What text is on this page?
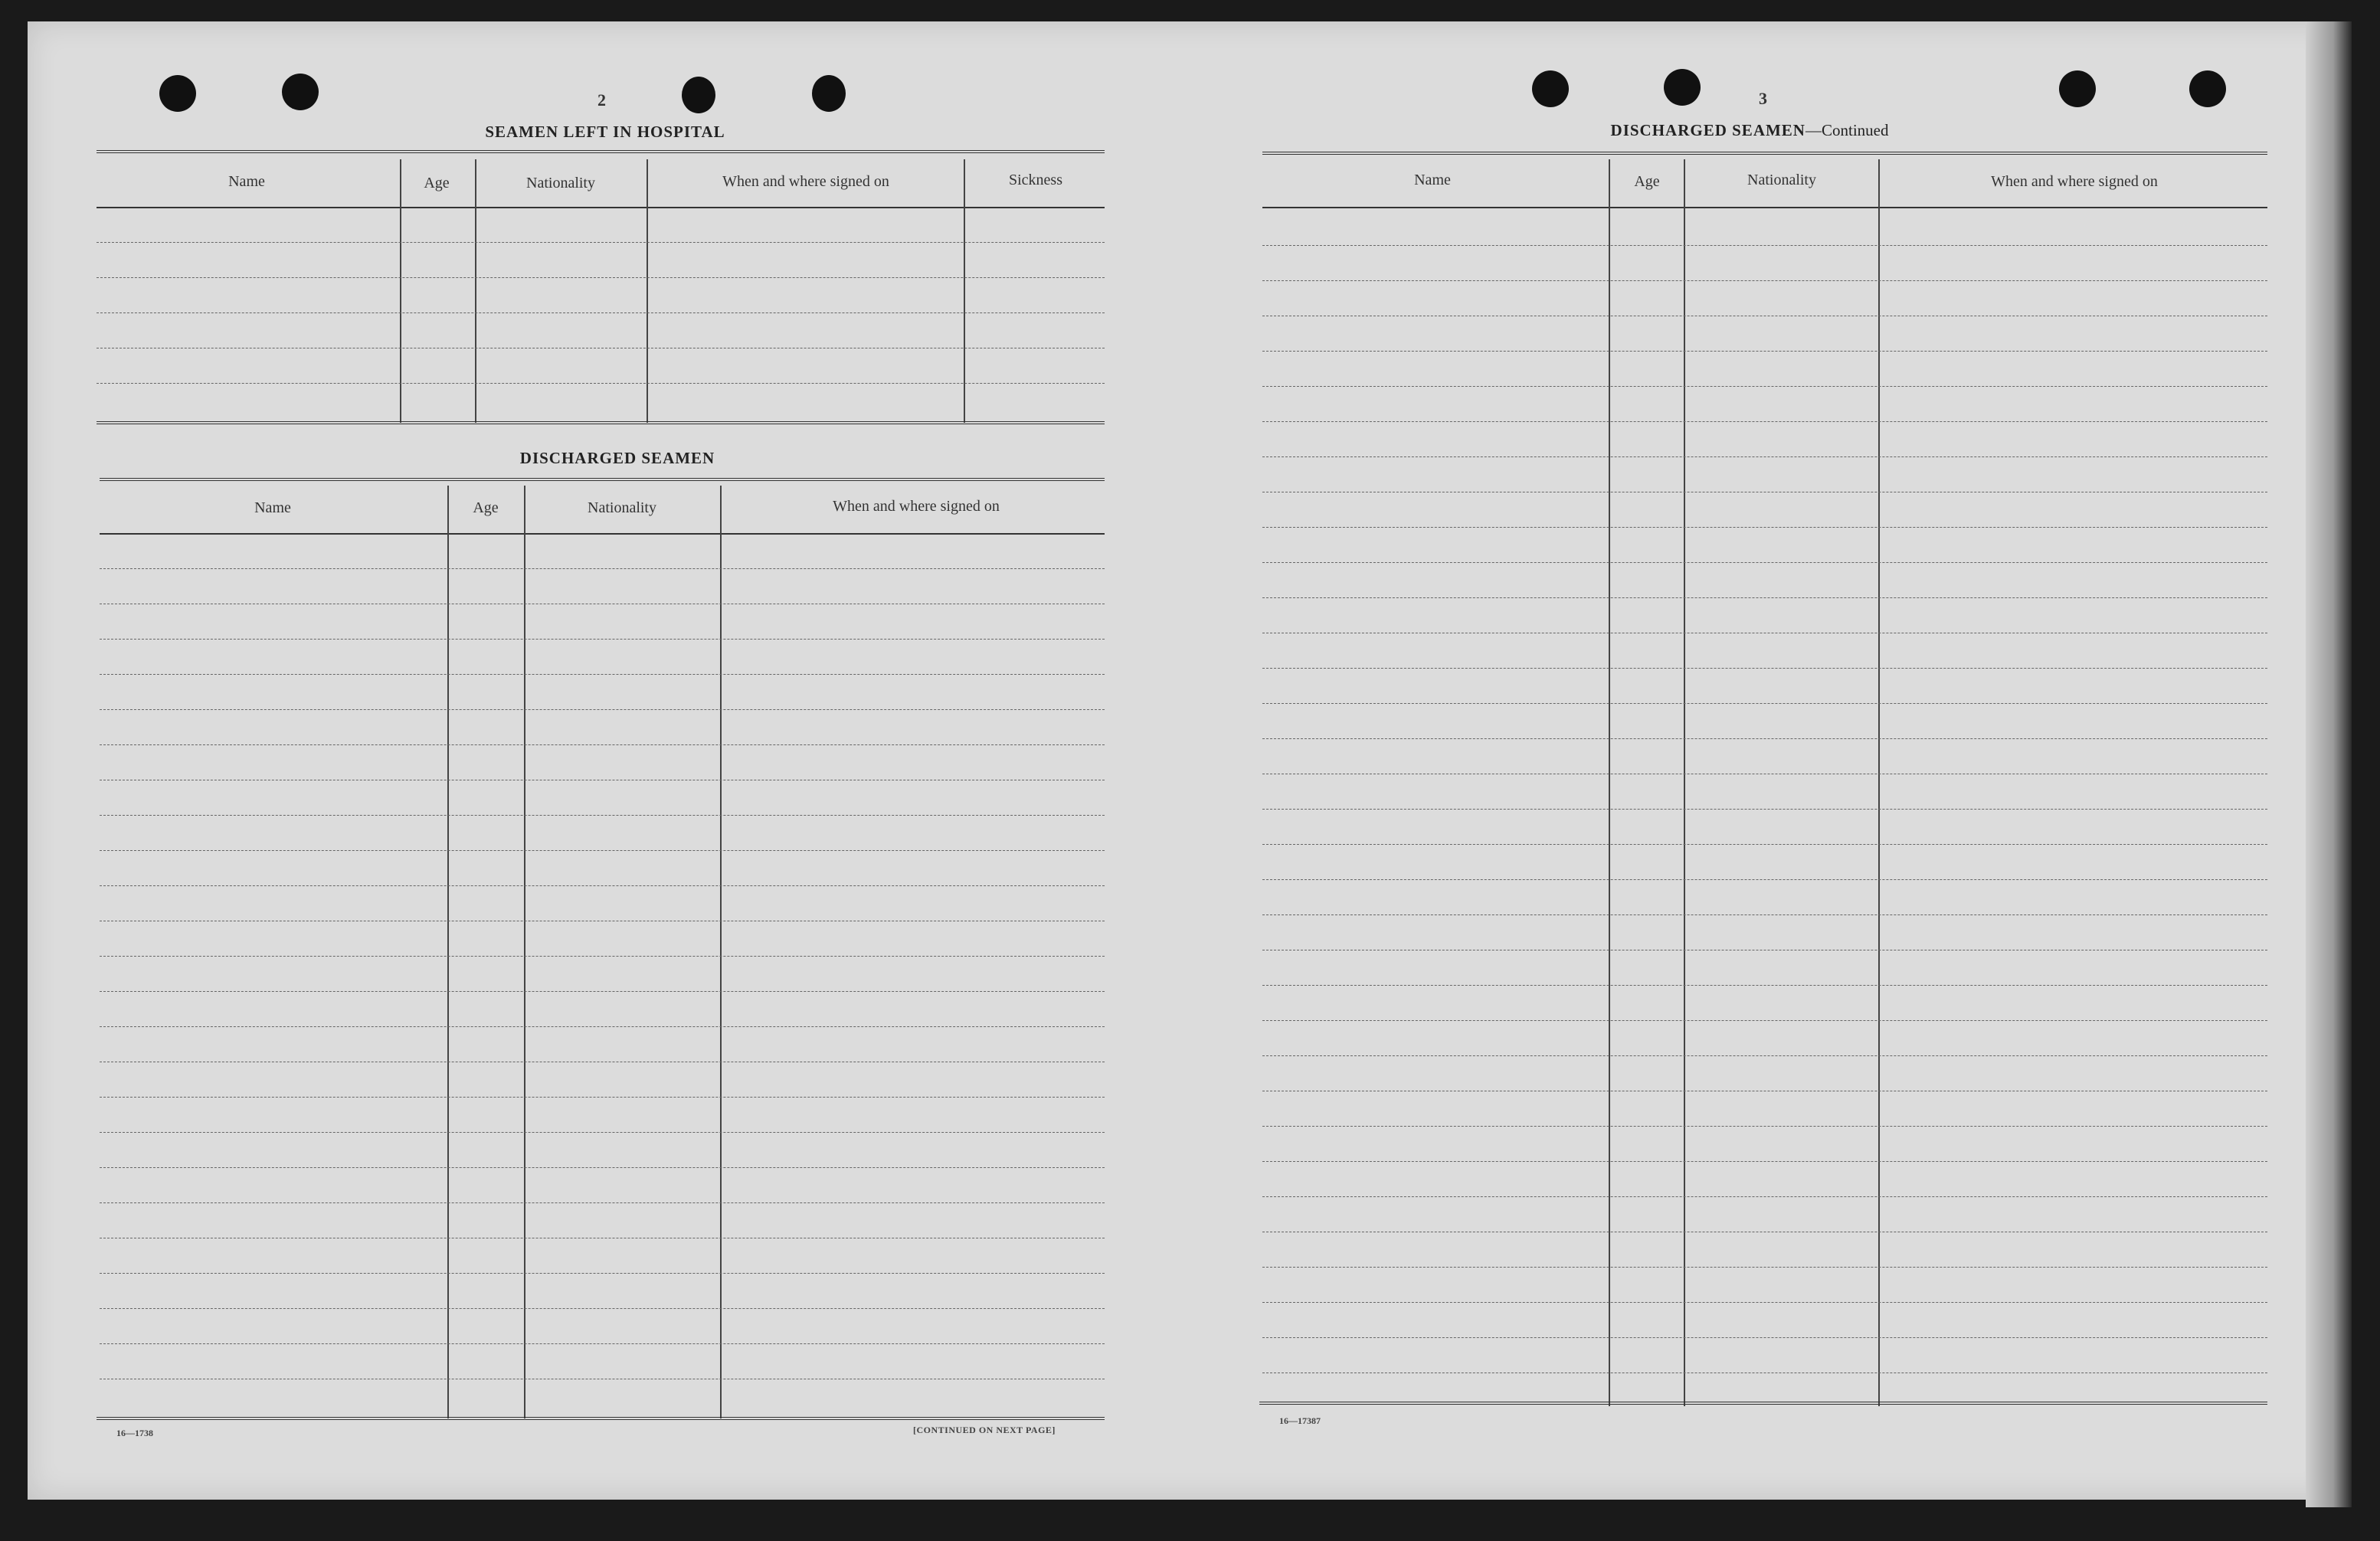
2
SEAMEN LEFT IN HOSPITAL
Name	Age	Nationality	When and where signed on	Sickness
DISCHARGED SEAMEN
Name	Age	Nationality	When and where signed on
16—1738	[CONTINUED ON NEXT PAGE]
3
DISCHARGED SEAMEN—Continued
Name	Age	Nationality	When and where signed on
16—17387
